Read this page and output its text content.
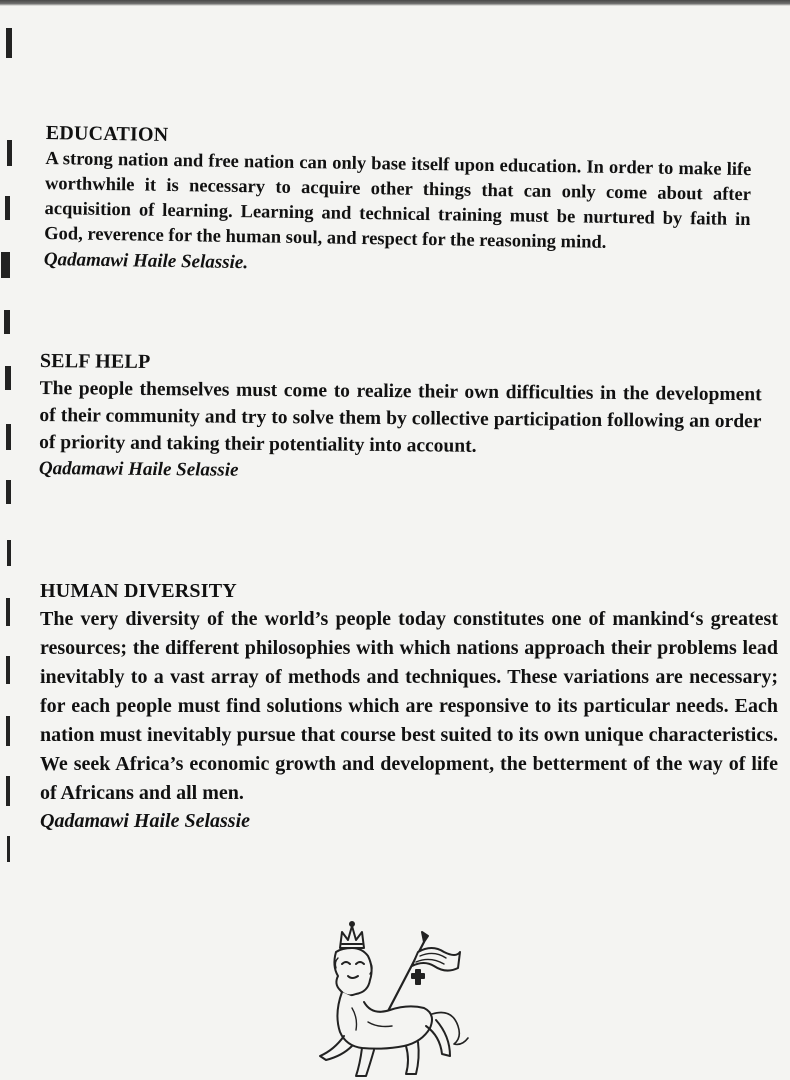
EDUCATION

A strong nation and free nation can only base itself upon education. In order to make life worthwhile it is necessary to acquire other things that can only come about after acquisition of learning. Learning and technical training must be nurtured by faith in God, reverence for the human soul, and respect for the reasoning mind.

Qadamawi Haile Selassie.
SELF HELP

The people themselves must come to realize their own difficulties in the development of their community and try to solve them by collective participation following an order of priority and taking their potentiality into account.

Qadamawi Haile Selassie
HUMAN DIVERSITY

The very diversity of the world’s people today constitutes one of mankind‘s greatest resources; the different philosophies with which nations approach their problems lead inevitably to a vast array of methods and techniques. These variations are necessary; for each people must find solutions which are responsive to its particular needs. Each nation must inevitably pursue that course best suited to its own unique characteristics. We seek Africa’s economic growth and development, the betterment of the way of life of Africans and all men.

Qadamawi Haile Selassie
